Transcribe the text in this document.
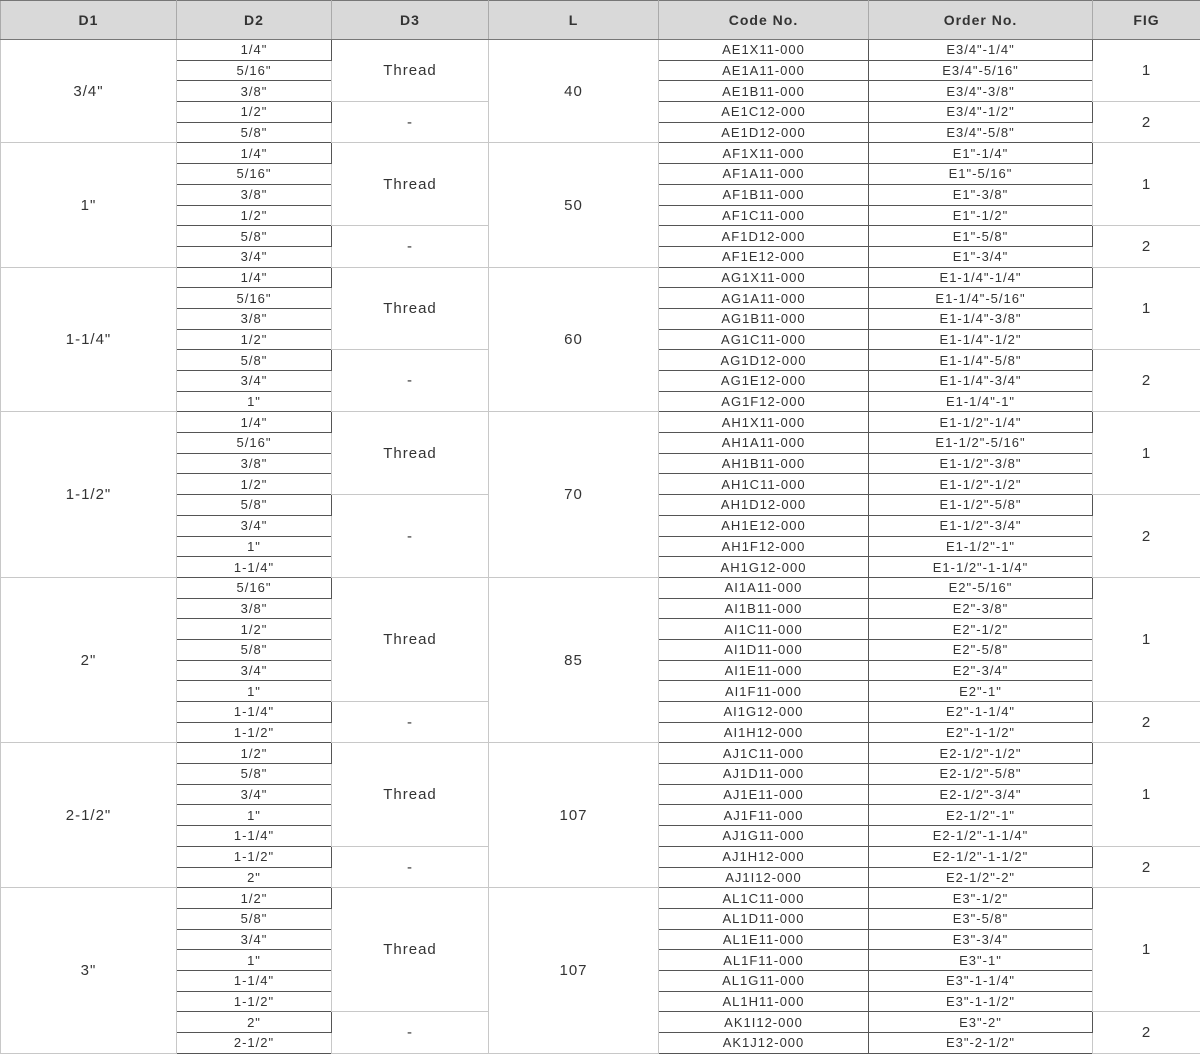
D1	D2	D3	L	Code No.	Order No.	FIG
3/4"	1/4"	Thread	40	AE1X11-000	E3/4"-1/4"	1
	5/16"			AE1A11-000	E3/4"-5/16"	
	3/8"			AE1B11-000	E3/4"-3/8"	
	1/2"	-		AE1C12-000	E3/4"-1/2"	2
	5/8"			AE1D12-000	E3/4"-5/8"	
1"	1/4"	Thread	50	AF1X11-000	E1"-1/4"	1
	5/16"			AF1A11-000	E1"-5/16"	
	3/8"			AF1B11-000	E1"-3/8"	
	1/2"			AF1C11-000	E1"-1/2"	
	5/8"	-		AF1D12-000	E1"-5/8"	2
	3/4"			AF1E12-000	E1"-3/4"	
1-1/4"	1/4"	Thread	60	AG1X11-000	E1-1/4"-1/4"	1
	5/16"			AG1A11-000	E1-1/4"-5/16"	
	3/8"			AG1B11-000	E1-1/4"-3/8"	
	1/2"			AG1C11-000	E1-1/4"-1/2"	
	5/8"	-		AG1D12-000	E1-1/4"-5/8"	2
	3/4"			AG1E12-000	E1-1/4"-3/4"	
	1"			AG1F12-000	E1-1/4"-1"	
1-1/2"	1/4"	Thread	70	AH1X11-000	E1-1/2"-1/4"	1
	5/16"			AH1A11-000	E1-1/2"-5/16"	
	3/8"			AH1B11-000	E1-1/2"-3/8"	
	1/2"			AH1C11-000	E1-1/2"-1/2"	
	5/8"	-		AH1D12-000	E1-1/2"-5/8"	2
	3/4"			AH1E12-000	E1-1/2"-3/4"	
	1"			AH1F12-000	E1-1/2"-1"	
	1-1/4"			AH1G12-000	E1-1/2"-1-1/4"	
2"	5/16"	Thread	85	AI1A11-000	E2"-5/16"	1
	3/8"			AI1B11-000	E2"-3/8"	
	1/2"			AI1C11-000	E2"-1/2"	
	5/8"			AI1D11-000	E2"-5/8"	
	3/4"			AI1E11-000	E2"-3/4"	
	1"			AI1F11-000	E2"-1"	
	1-1/4"	-		AI1G12-000	E2"-1-1/4"	2
	1-1/2"			AI1H12-000	E2"-1-1/2"	
2-1/2"	1/2"	Thread	107	AJ1C11-000	E2-1/2"-1/2"	1
	5/8"			AJ1D11-000	E2-1/2"-5/8"	
	3/4"			AJ1E11-000	E2-1/2"-3/4"	
	1"			AJ1F11-000	E2-1/2"-1"	
	1-1/4"			AJ1G11-000	E2-1/2"-1-1/4"	
	1-1/2"	-		AJ1H12-000	E2-1/2"-1-1/2"	2
	2"			AJ1I12-000	E2-1/2"-2"	
3"	1/2"	Thread	107	AL1C11-000	E3"-1/2"	1
	5/8"			AL1D11-000	E3"-5/8"	
	3/4"			AL1E11-000	E3"-3/4"	
	1"			AL1F11-000	E3"-1"	
	1-1/4"			AL1G11-000	E3"-1-1/4"	
	1-1/2"			AL1H11-000	E3"-1-1/2"	
	2"	-		AK1I12-000	E3"-2"	2
	2-1/2"			AK1J12-000	E3"-2-1/2"	
